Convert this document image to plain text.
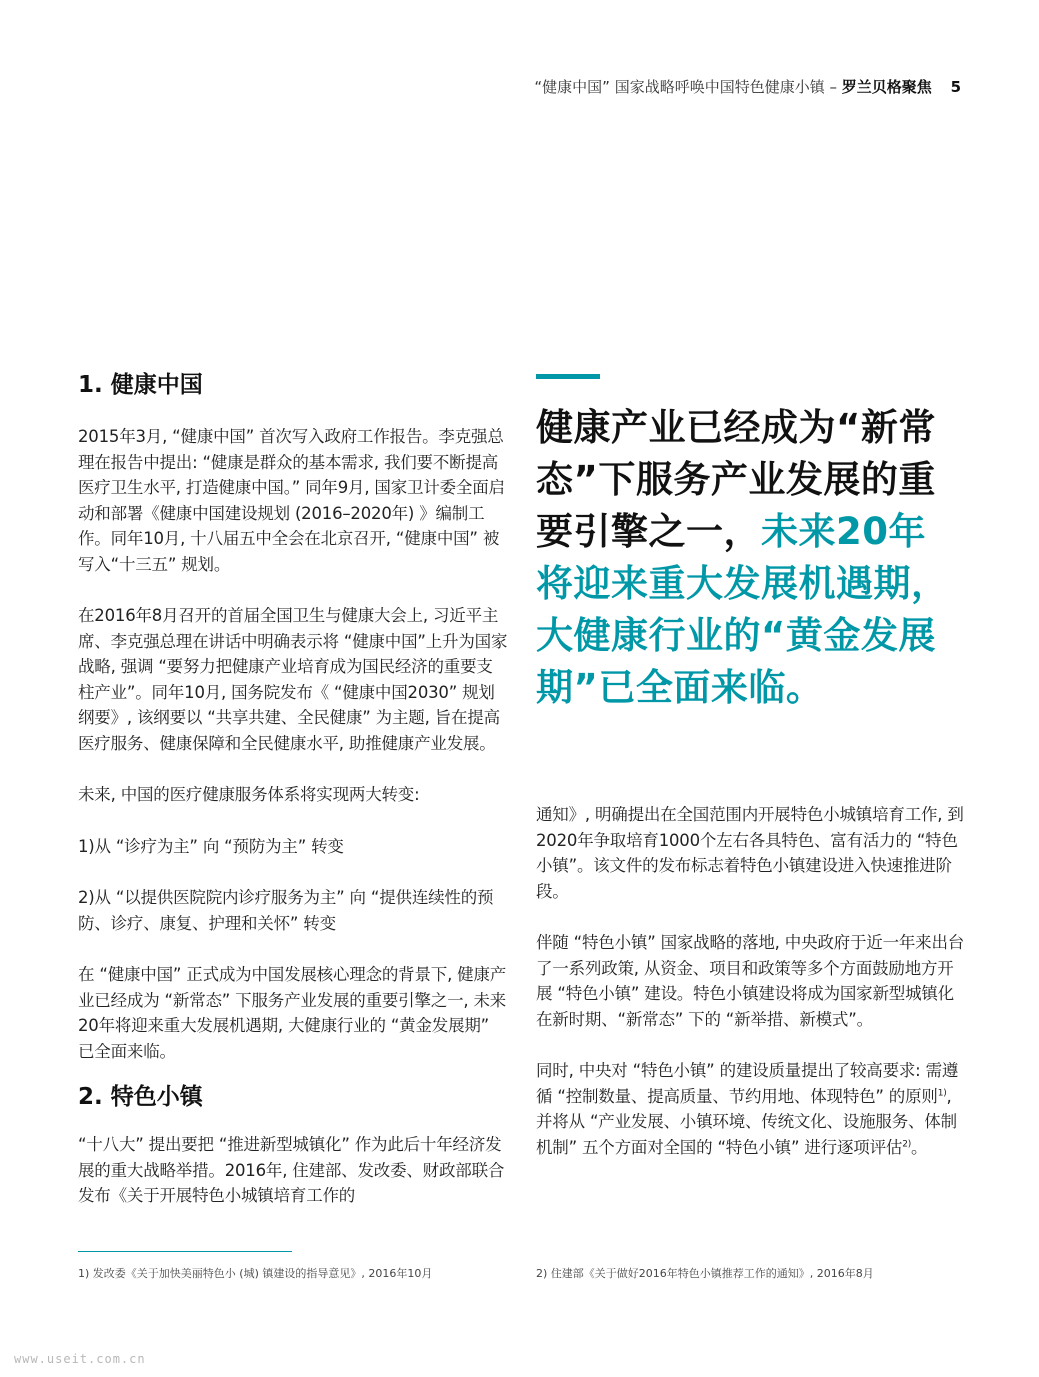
“健康中国” 国家战略呼唤中国特色健康小镇 – 罗兰贝格聚焦 5
1. 健康中国

2015年3月, “健康中国” 首次写入政府工作报告。李克强总理在报告中提出: “健康是群众的基本需求, 我们要不断提高医疗卫生水平, 打造健康中国。” 同年9月, 国家卫计委全面启动和部署《健康中国建设规划 (2016–2020年) 》编制工作。同年10月, 十八届五中全会在北京召开, “健康中国” 被写入“十三五” 规划。

在2016年8月召开的首届全国卫生与健康大会上, 习近平主席、李克强总理在讲话中明确表示将 “健康中国”上升为国家战略, 强调 “要努力把健康产业培育成为国民经济的重要支柱产业”。同年10月, 国务院发布《 “健康中国2030” 规划纲要》, 该纲要以 “共享共建、全民健康” 为主题, 旨在提高医疗服务、健康保障和全民健康水平, 助推健康产业发展。

未来, 中国的医疗健康服务体系将实现两大转变:

1)从 “诊疗为主” 向 “预防为主” 转变

2)从 “以提供医院院内诊疗服务为主” 向 “提供连续性的预防、诊疗、康复、护理和关怀” 转变

在 “健康中国” 正式成为中国发展核心理念的背景下, 健康产业已经成为 “新常态” 下服务产业发展的重要引擎之一, 未来20年将迎来重大发展机遇期, 大健康行业的 “黄金发展期” 已全面来临。

2. 特色小镇

“十八大” 提出要把 “推进新型城镇化” 作为此后十年经济发展的重大战略举措。2016年, 住建部、发改委、财政部联合发布《关于开展特色小城镇培育工作的

健康产业已经成为“新常态”下服务产业发展的重要引擎之一，未来20年将迎来重大发展机遇期，大健康行业的“黄金发展期”已全面来临。

通知》, 明确提出在全国范围内开展特色小城镇培育工作, 到2020年争取培育1000个左右各具特色、富有活力的 “特色小镇”。该文件的发布标志着特色小镇建设进入快速推进阶段。

伴随 “特色小镇” 国家战略的落地, 中央政府于近一年来出台了一系列政策, 从资金、项目和政策等多个方面鼓励地方开展 “特色小镇” 建设。特色小镇建设将成为国家新型城镇化在新时期、“新常态” 下的 “新举措、新模式”。

同时, 中央对 “特色小镇” 的建设质量提出了较高要求: 需遵循 “控制数量、提高质量、节约用地、体现特色” 的原则$^{1)}$, 并将从 “产业发展、小镇环境、传统文化、设施服务、体制机制” 五个方面对全国的 “特色小镇” 进行逐项评估$^{2)}$。

1) 发改委《关于加快美丽特色小 (城) 镇建设的指导意见》, 2016年10月	2) 住建部《关于做好2016年特色小镇推荐工作的通知》, 2016年8月
www.useit.com.cn
